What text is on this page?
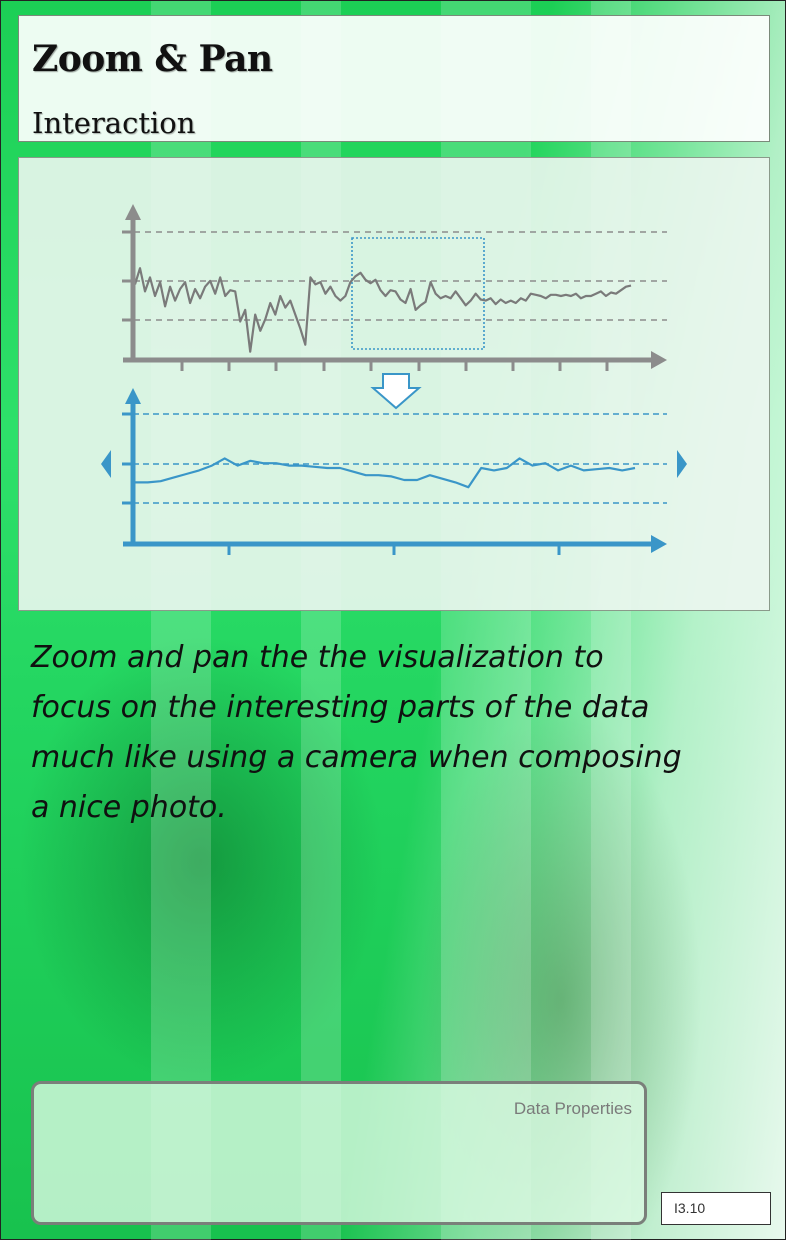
Zoom & Pan
Interaction
Zoom and pan the the visualization to focus on the interesting parts of the data much like using a camera when composing a nice photo.
Data Properties
I3.10
